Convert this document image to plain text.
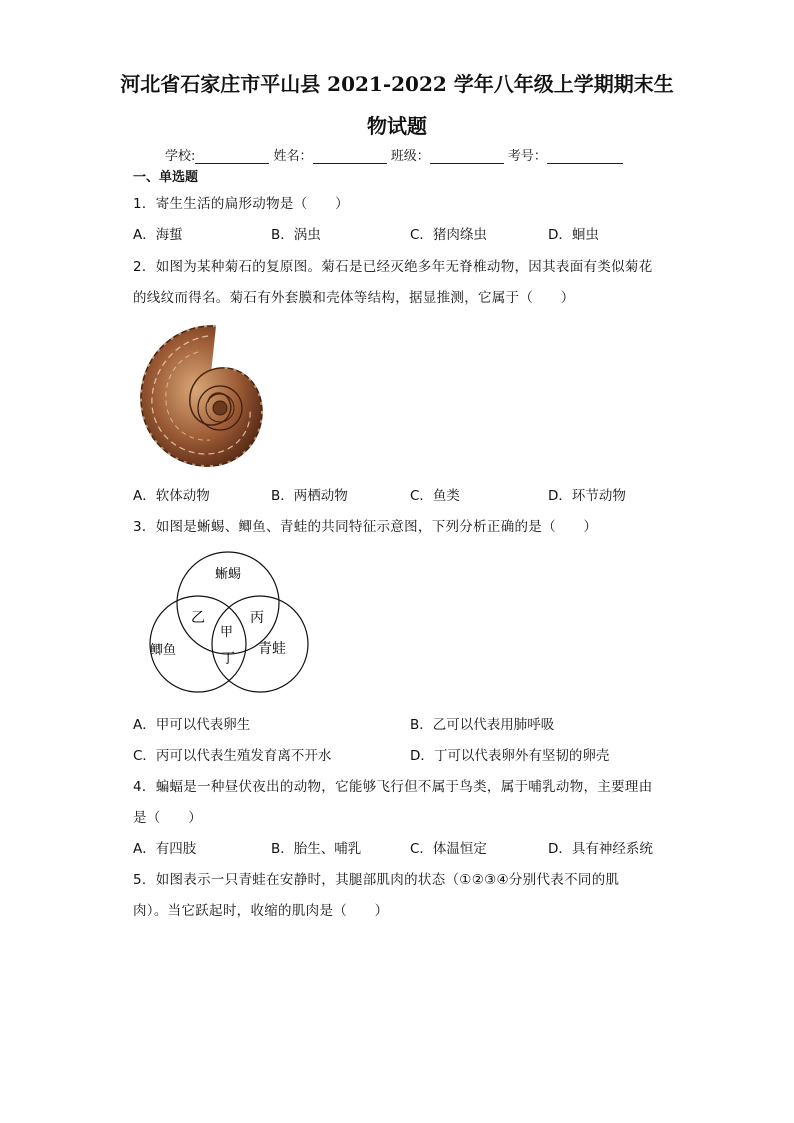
河北省石家庄市平山县 2021-2022 学年八年级上学期期末生
物试题
学校:	姓名：	班级：	考号：
一、单选题
1．寄生生活的扁形动物是（　　）
A．海蜇	B．涡虫	C．猪肉绦虫	D．蛔虫
2．如图为某种菊石的复原图。菊石是已经灭绝多年无脊椎动物，因其表面有类似菊花
的线纹而得名。菊石有外套膜和壳体等结构，据显推测，它属于（　　）
A．软体动物	B．两栖动物	C．鱼类	D．环节动物
3．如图是蜥蜴、鲫鱼、青蛙的共同特征示意图，下列分析正确的是（　　）
蜥蜴
鲫鱼	青蛙
乙	丙
甲
丁
A．甲可以代表卵生	B．乙可以代表用肺呼吸
C．丙可以代表生殖发育离不开水	D．丁可以代表卵外有坚韧的卵壳
4．蝙蝠是一种昼伏夜出的动物，它能够飞行但不属于鸟类，属于哺乳动物，主要理由
是（　　）
A．有四肢	B．胎生、哺乳	C．体温恒定	D．具有神经系统
5．如图表示一只青蛙在安静时，其腿部肌肉的状态（①②③④分别代表不同的肌
肉）。当它跃起时，收缩的肌肉是（　　）
